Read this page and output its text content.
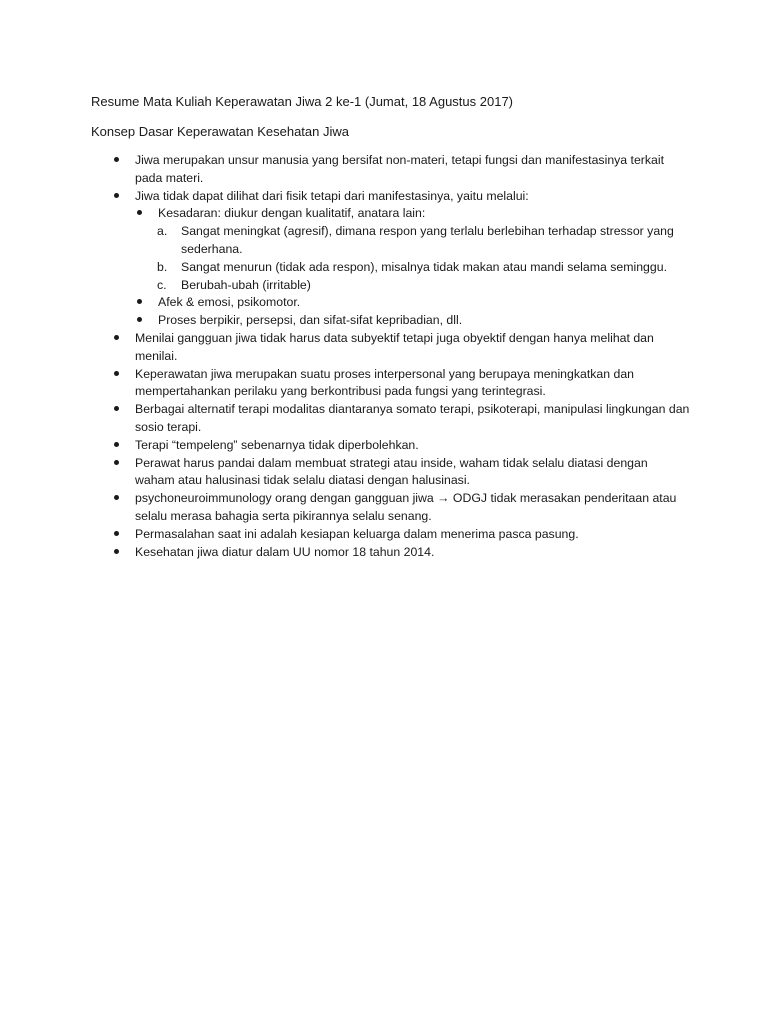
Resume Mata Kuliah Keperawatan Jiwa 2 ke-1 (Jumat, 18 Agustus 2017)
Konsep Dasar Keperawatan Kesehatan Jiwa
Jiwa merupakan unsur manusia yang bersifat non-materi, tetapi fungsi dan manifestasinya terkait pada materi.
Jiwa tidak dapat dilihat dari fisik tetapi dari manifestasinya, yaitu melalui:
Kesadaran: diukur dengan kualitatif, anatara lain:
a. Sangat meningkat (agresif), dimana respon yang terlalu berlebihan terhadap stressor yang sederhana.
b. Sangat menurun (tidak ada respon), misalnya tidak makan atau mandi selama seminggu.
c. Berubah-ubah (irritable)
Afek & emosi, psikomotor.
Proses berpikir, persepsi, dan sifat-sifat kepribadian, dll.
Menilai gangguan jiwa tidak harus data subyektif tetapi juga obyektif dengan hanya melihat dan menilai.
Keperawatan jiwa merupakan suatu proses interpersonal yang berupaya meningkatkan dan mempertahankan perilaku yang berkontribusi pada fungsi yang terintegrasi.
Berbagai alternatif terapi modalitas diantaranya somato terapi, psikoterapi, manipulasi lingkungan dan sosio terapi.
Terapi “tempeleng” sebenarnya tidak diperbolehkan.
Perawat harus pandai dalam membuat strategi atau inside, waham tidak selalu diatasi dengan waham atau halusinasi tidak selalu diatasi dengan halusinasi.
psychoneuroimmunology orang dengan gangguan jiwa → ODGJ tidak merasakan penderitaan atau selalu merasa bahagia serta pikirannya selalu senang.
Permasalahan saat ini adalah kesiapan keluarga dalam menerima pasca pasung.
Kesehatan jiwa diatur dalam UU nomor 18 tahun 2014.
